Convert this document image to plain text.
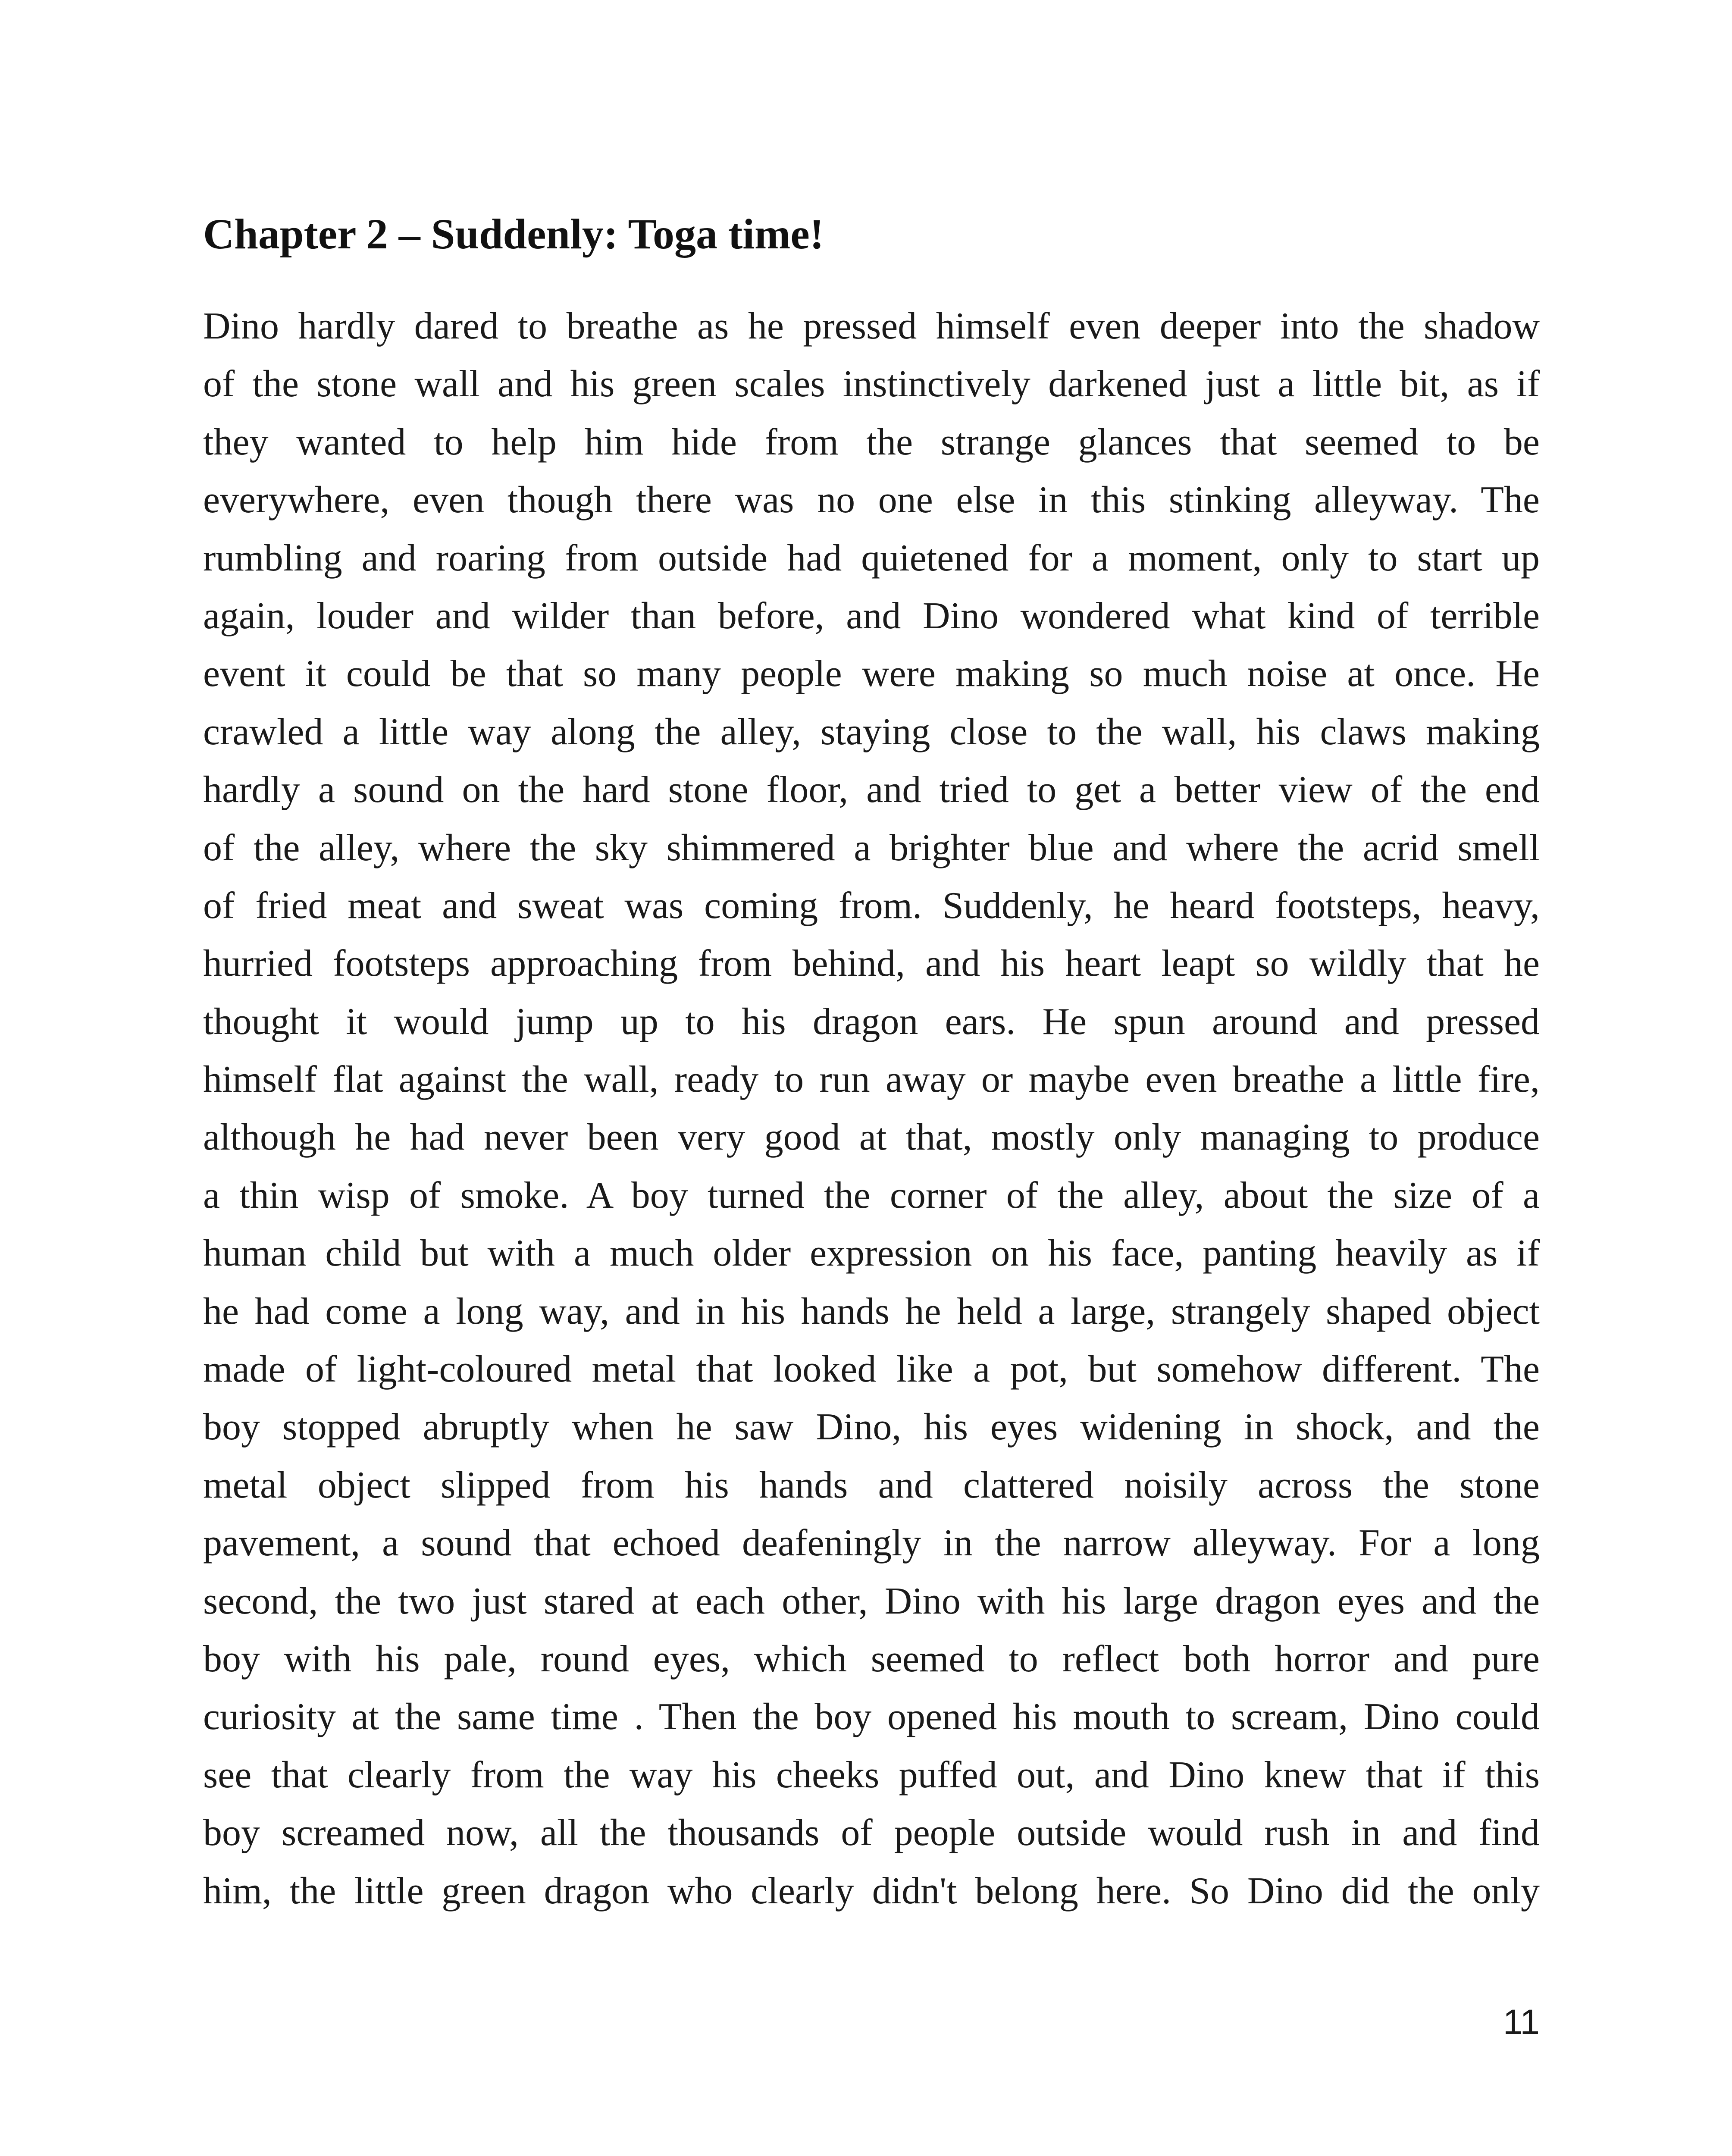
Chapter 2 – Suddenly: Toga time!
Dino hardly dared to breathe as he pressed himself even deeper into the shadow
of the stone wall and his green scales instinctively darkened just a little bit, as if
they wanted to help him hide from the strange glances that seemed to be
everywhere, even though there was no one else in this stinking alleyway. The
rumbling and roaring from outside had quietened for a moment, only to start up
again, louder and wilder than before, and Dino wondered what kind of terrible
event it could be that so many people were making so much noise at once. He
crawled a little way along the alley, staying close to the wall, his claws making
hardly a sound on the hard stone floor, and tried to get a better view of the end
of the alley, where the sky shimmered a brighter blue and where the acrid smell
of fried meat and sweat was coming from. Suddenly, he heard footsteps, heavy,
hurried footsteps approaching from behind, and his heart leapt so wildly that he
thought it would jump up to his dragon ears. He spun around and pressed
himself flat against the wall, ready to run away or maybe even breathe a little fire,
although he had never been very good at that, mostly only managing to produce
a thin wisp of smoke. A boy turned the corner of the alley, about the size of a
human child but with a much older expression on his face, panting heavily as if
he had come a long way, and in his hands he held a large, strangely shaped object
made of light-coloured metal that looked like a pot, but somehow different. The
boy stopped abruptly when he saw Dino, his eyes widening in shock, and the
metal object slipped from his hands and clattered noisily across the stone
pavement, a sound that echoed deafeningly in the narrow alleyway. For a long
second, the two just stared at each other, Dino with his large dragon eyes and the
boy with his pale, round eyes, which seemed to reflect both horror and pure
curiosity at the same time . Then the boy opened his mouth to scream, Dino could
see that clearly from the way his cheeks puffed out, and Dino knew that if this
boy screamed now, all the thousands of people outside would rush in and find
him, the little green dragon who clearly didn't belong here. So Dino did the only
11
